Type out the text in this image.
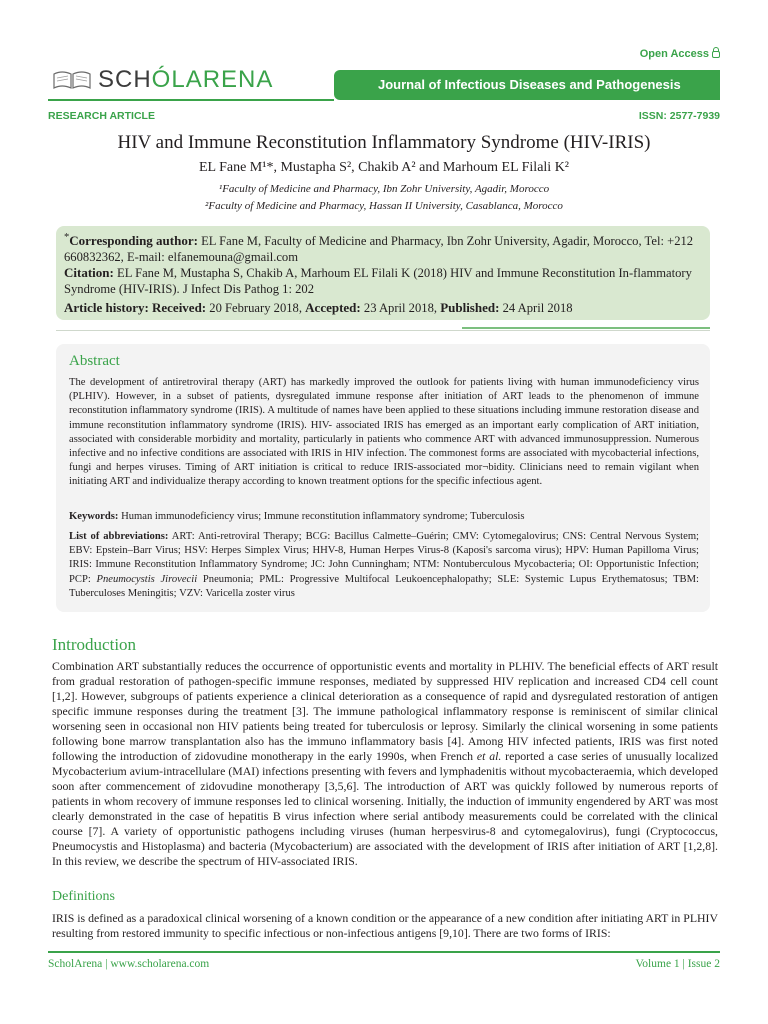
Open Access
SCHÓLARENA	Journal of Infectious Diseases and Pathogenesis
RESEARCH ARTICLE	ISSN: 2577-7939
HIV and Immune Reconstitution Inflammatory Syndrome (HIV-IRIS)
EL Fane M¹*, Mustapha S², Chakib A² and Marhoum EL Filali K²
¹Faculty of Medicine and Pharmacy, Ibn Zohr University, Agadir, Morocco
²Faculty of Medicine and Pharmacy, Hassan II University, Casablanca, Morocco
*Corresponding author: EL Fane M, Faculty of Medicine and Pharmacy, Ibn Zohr University, Agadir, Morocco, Tel: +212 660832362, E-mail: elfanemouna@gmail.com
Citation: EL Fane M, Mustapha S, Chakib A, Marhoum EL Filali K (2018) HIV and Immune Reconstitution In-flammatory Syndrome (HIV-IRIS). J Infect Dis Pathog 1: 202
Article history: Received: 20 February 2018, Accepted: 23 April 2018, Published: 24 April 2018
Abstract
The development of antiretroviral therapy (ART) has markedly improved the outlook for patients living with human immunodeficiency virus (PLHIV). However, in a subset of patients, dysregulated immune response after initiation of ART leads to the phenomenon of immune reconstitution inflammatory syndrome (IRIS). A multitude of names have been applied to these situations including immune restoration disease and immune reconstitution inflammatory syndrome (IRIS). HIV- associated IRIS has emerged as an important early complication of ART initiation, associated with considerable morbidity and mortality, particularly in patients who commence ART with advanced immunosuppression. Numerous infective and no infective conditions are associated with IRIS in HIV infection. The commonest forms are associated with mycobacterial infections, fungi and herpes viruses. Timing of ART initiation is critical to reduce IRIS-associated mor¬bidity. Clinicians need to remain vigilant when initiating ART and individualize therapy according to known treatment options for the specific infectious agent.
Keywords: Human immunodeficiency virus; Immune reconstitution inflammatory syndrome; Tuberculosis
List of abbreviations: ART: Anti-retroviral Therapy; BCG: Bacillus Calmette–Guérin; CMV: Cytomegalovirus; CNS: Central Nervous System; EBV: Epstein–Barr Virus; HSV: Herpes Simplex Virus; HHV-8, Human Herpes Virus-8 (Kaposi's sarcoma virus); HPV: Human Papilloma Virus; IRIS: Immune Reconstitution Inflammatory Syndrome; JC: John Cunningham; NTM: Nontuberculous Mycobacteria; OI: Opportunistic Infection; PCP: Pneumocystis Jirovecii Pneumonia; PML: Progressive Multifocal Leukoencephalopathy; SLE: Systemic Lupus Erythematosus; TBM: Tuberculoses Meningitis; VZV: Varicella zoster virus
Introduction
Combination ART substantially reduces the occurrence of opportunistic events and mortality in PLHIV. The beneficial effects of ART result from gradual restoration of pathogen-specific immune responses, mediated by suppressed HIV replication and increased CD4 cell count [1,2]. However, subgroups of patients experience a clinical deterioration as a consequence of rapid and dysregulated restoration of antigen specific immune responses during the treatment [3]. The immune pathological inflammatory response is reminiscent of similar clinical worsening seen in occasional non HIV patients being treated for tuberculosis or leprosy. Similarly the clinical worsening in some patients following bone marrow transplantation also has the immuno inflammatory basis [4]. Among HIV infected patients, IRIS was first noted following the introduction of zidovudine monotherapy in the early 1990s, when French et al. reported a case series of unusually localized Mycobacterium avium-intracellulare (MAI) infections presenting with fevers and lymphadenitis without mycobacteraemia, which developed soon after commencement of zidovudine monotherapy [3,5,6]. The introduction of ART was quickly followed by numerous reports of patients in whom recovery of immune responses led to clinical worsening. Initially, the induction of immunity engendered by ART was most clearly demonstrated in the case of hepatitis B virus infection where serial antibody measurements could be correlated with the clinical course [7]. A variety of opportunistic pathogens including viruses (human herpesvirus-8 and cytomegalovirus), fungi (Cryptococcus, Pneumocystis and Histoplasma) and bacteria (Mycobacterium) are associated with the development of IRIS after initiation of ART [1,2,8]. In this review, we describe the spectrum of HIV-associated IRIS.
Definitions
IRIS is defined as a paradoxical clinical worsening of a known condition or the appearance of a new condition after initiating ART in PLHIV resulting from restored immunity to specific infectious or non-infectious antigens [9,10]. There are two forms of IRIS:
ScholArena | www.scholarena.com	Volume 1 | Issue 2
